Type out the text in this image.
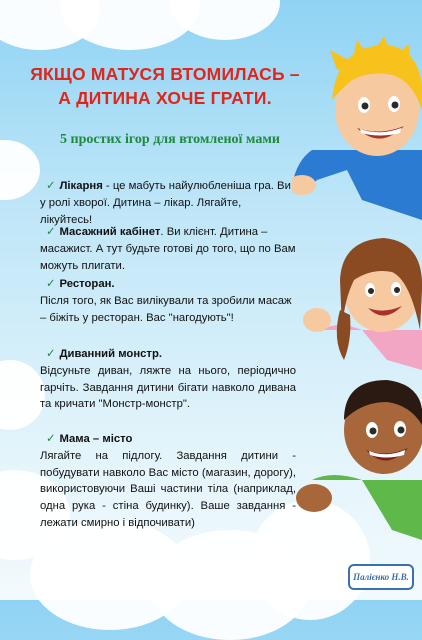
ЯКЩО МАТУСЯ ВТОМИЛАСЬ –
А ДИТИНА ХОЧЕ ГРАТИ.
5 простих ігор для втомленої мами
✓ Лікарня - це мабуть найулюбленіша гра. Ви у ролі хворої. Дитина – лікар. Лягайте, лікуйтесь!
✓ Масажний кабінет. Ви клієнт. Дитина – масажист. А тут будьте готові до того, що по Вам можуть плигати.
✓ Ресторан.
Після того, як Вас вилікували та зробили масаж – біжіть у ресторан. Вас "нагодують"!
✓ Диванний монстр.
Відсуньте диван, ляжте на нього, періодично гарчіть. Завдання дитини бігати навколо дивана та кричати "Монстр-монстр".
✓ Мама – місто
Лягайте на підлогу. Завдання дитини - побудувати навколо Вас місто (магазин, дорогу), використовуючи Ваші частини тіла (наприклад, одна рука - стіна будинку). Ваше завдання - лежати смирно і відпочивати)
Палієнко Н.В.
